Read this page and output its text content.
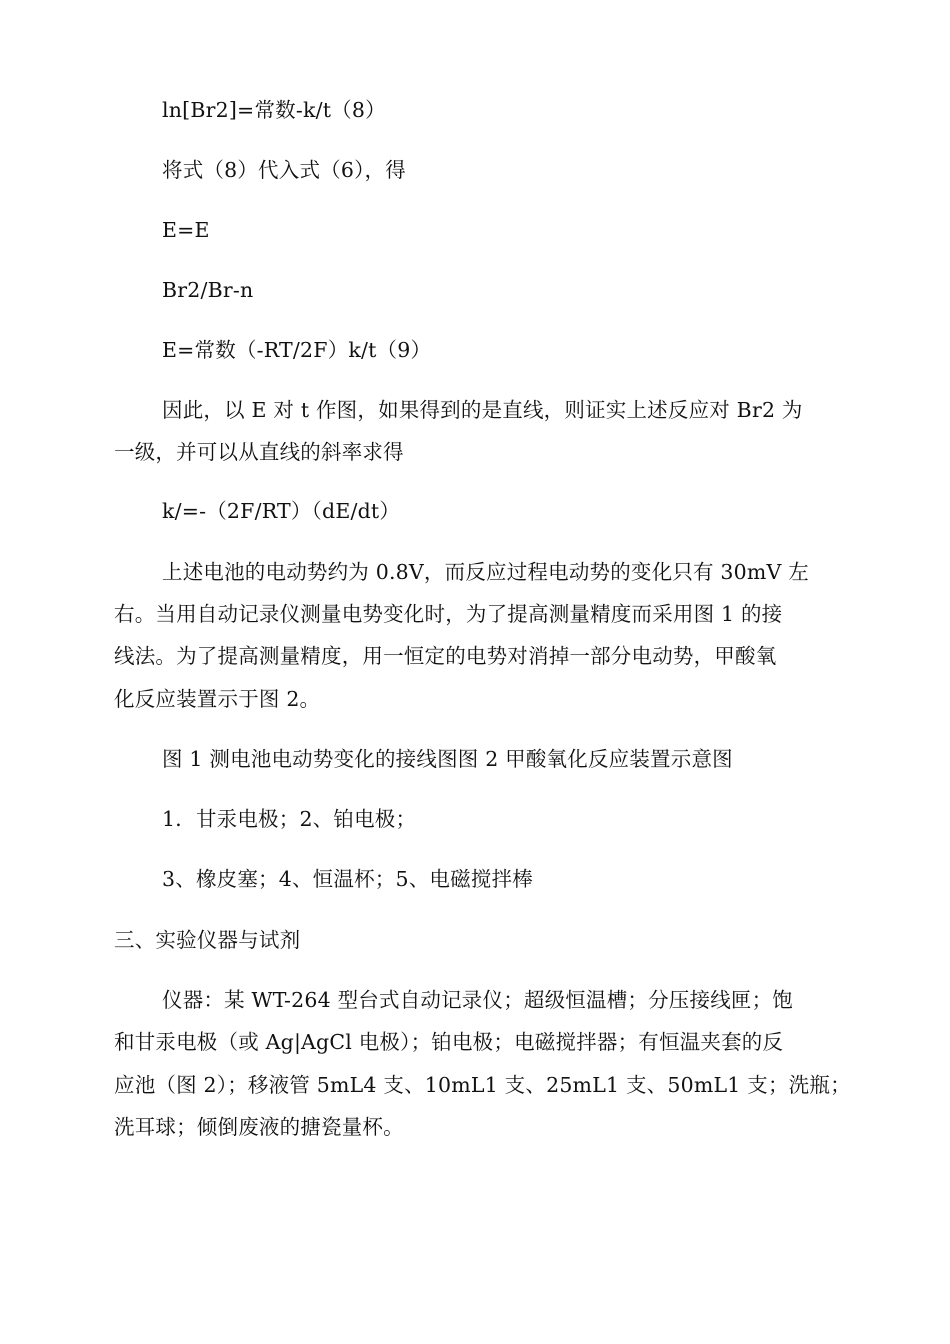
ln[Br2]=常数-k/t（8）
将式（8）代入式（6），得
E=E
Br2/Br-n
E=常数（-RT/2F）k/t（9）
因此，以 E 对 t 作图，如果得到的是直线，则证实上述反应对 Br2 为
一级，并可以从直线的斜率求得
k/=-（2F/RT）（dE/dt）
上述电池的电动势约为 0.8V，而反应过程电动势的变化只有 30mV 左
右。当用自动记录仪测量电势变化时，为了提高测量精度而采用图 1 的接
线法。为了提高测量精度，用一恒定的电势对消掉一部分电动势，甲酸氧
化反应装置示于图 2。
图 1 测电池电动势变化的接线图图 2 甲酸氧化反应装置示意图
1．甘汞电极；2、铂电极；
3、橡皮塞；4、恒温杯；5、电磁搅拌棒
三、实验仪器与试剂
仪器：某 WT-264 型台式自动记录仪；超级恒温槽；分压接线匣；饱
和甘汞电极（或 Ag|AgCl 电极）；铂电极；电磁搅拌器；有恒温夹套的反
应池（图 2）；移液管 5mL4 支、10mL1 支、25mL1 支、50mL1 支；洗瓶；
洗耳球；倾倒废液的搪瓷量杯。
